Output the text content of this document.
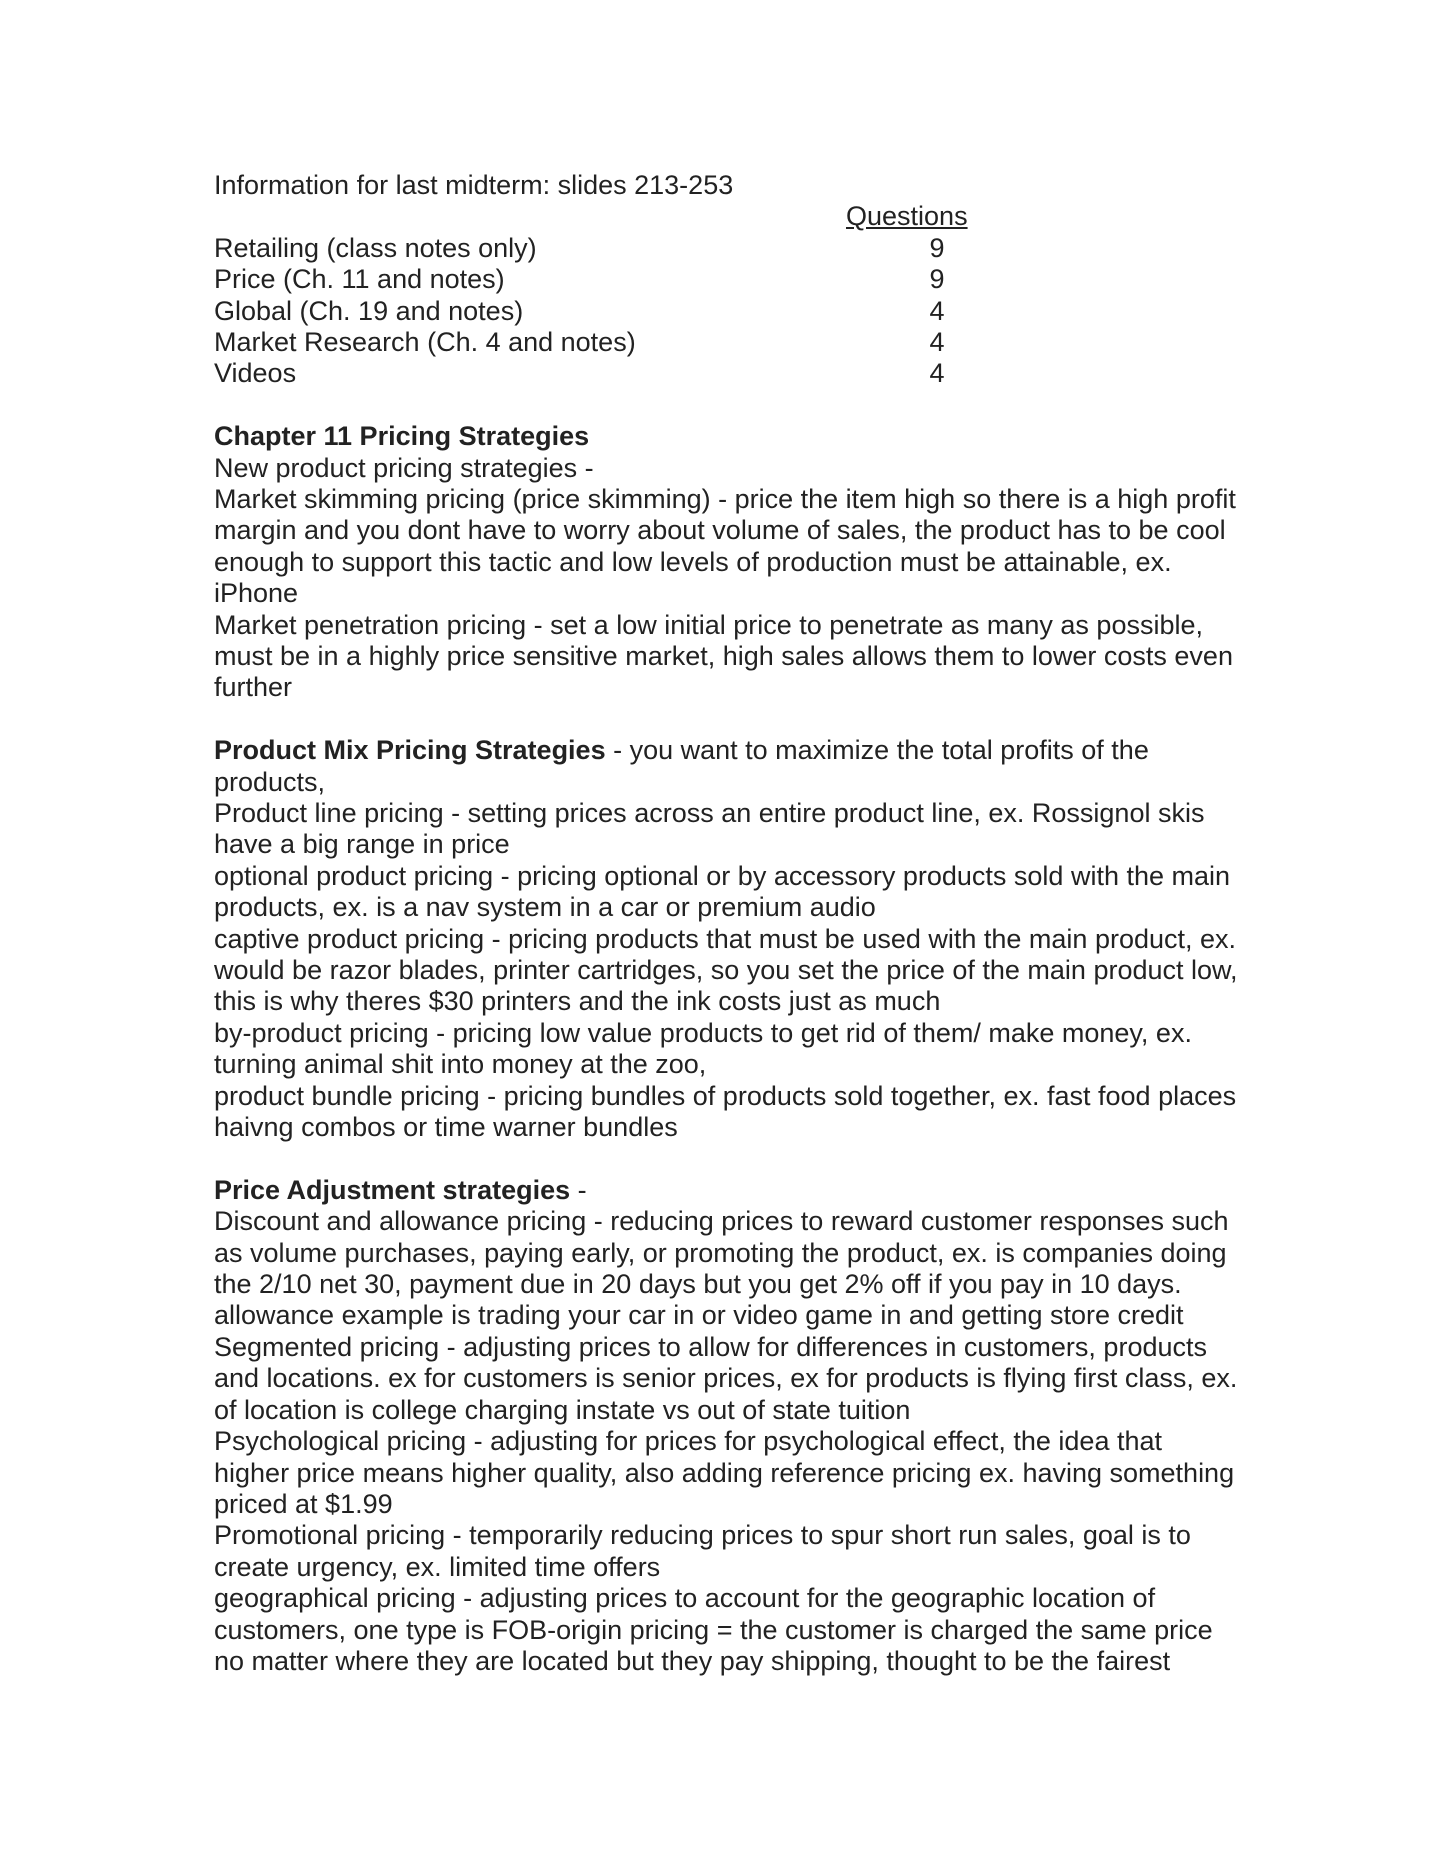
Information for last midterm: slides 213-253

Questions
Retailing (class notes only)	9
Price (Ch. 11 and notes)	9
Global (Ch. 19 and notes)	4
Market Research (Ch. 4 and notes)	4
Videos	4

Chapter 11 Pricing Strategies

New product pricing strategies -

Market skimming pricing (price skimming) - price the item high so there is a high profit margin and you dont have to worry about volume of sales, the product has to be cool enough to support this tactic and low levels of production must be attainable, ex. iPhone

Market penetration pricing - set a low initial price to penetrate as many as possible, must be in a highly price sensitive market, high sales allows them to lower costs even further

Product Mix Pricing Strategies - you want to maximize the total profits of the products,

Product line pricing - setting prices across an entire product line, ex. Rossignol skis have a big range in price

optional product pricing - pricing optional or by accessory products sold with the main products, ex. is a nav system in a car or premium audio

captive product pricing - pricing products that must be used with the main product, ex. would be razor blades, printer cartridges, so you set the price of the main product low, this is why theres $30 printers and the ink costs just as much

by-product pricing - pricing low value products to get rid of them/ make money, ex. turning animal shit into money at the zoo,

product bundle pricing - pricing bundles of products sold together, ex. fast food places haivng combos or time warner bundles

Price Adjustment strategies -

Discount and allowance pricing - reducing prices to reward customer responses such as volume purchases, paying early, or promoting the product, ex. is companies doing the 2/10 net 30, payment due in 20 days but you get 2% off if you pay in 10 days. allowance example is trading your car in or video game in and getting store credit

Segmented pricing - adjusting prices to allow for differences in customers, products and locations. ex for customers is senior prices, ex for products is flying first class, ex. of location is college charging instate vs out of state tuition

Psychological pricing - adjusting for prices for psychological effect, the idea that higher price means higher quality, also adding reference pricing ex. having something priced at $1.99

Promotional pricing - temporarily reducing prices to spur short run sales, goal is to create urgency, ex. limited time offers

geographical pricing - adjusting prices to account for the geographic location of customers, one type is FOB-origin pricing = the customer is charged the same price no matter where they are located but they pay shipping, thought to be the fairest
